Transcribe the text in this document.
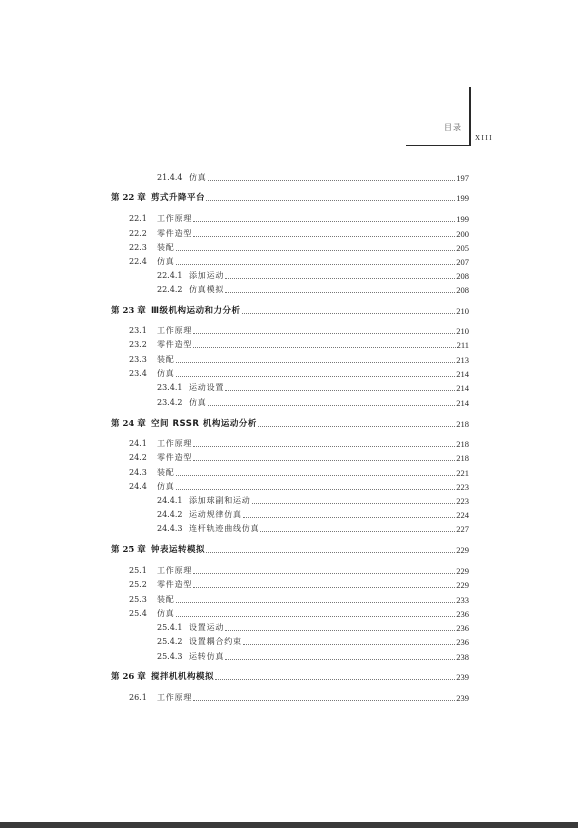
目录
XIII
21.4.4 仿真	197
第 22 章 剪式升降平台	199
22.1	工作原理	199
22.2	零件造型	200
22.3	装配	205
22.4	仿真	207
22.4.1 添加运动	208
22.4.2 仿真模拟	208
第 23 章 Ⅲ级机构运动和力分析	210
23.1	工作原理	210
23.2	零件造型	211
23.3	装配	213
23.4	仿真	214
23.4.1 运动设置	214
23.4.2 仿真	214
第 24 章 空间 RSSR 机构运动分析	218
24.1	工作原理	218
24.2	零件造型	218
24.3	装配	221
24.4	仿真	223
24.4.1 添加球副和运动	223
24.4.2 运动规律仿真	224
24.4.3 连杆轨迹曲线仿真	227
第 25 章 钟表运转模拟	229
25.1	工作原理	229
25.2	零件造型	229
25.3	装配	233
25.4	仿真	236
25.4.1 设置运动	236
25.4.2 设置耦合约束	236
25.4.3 运转仿真	238
第 26 章 搅拌机机构模拟	239
26.1	工作原理	239
